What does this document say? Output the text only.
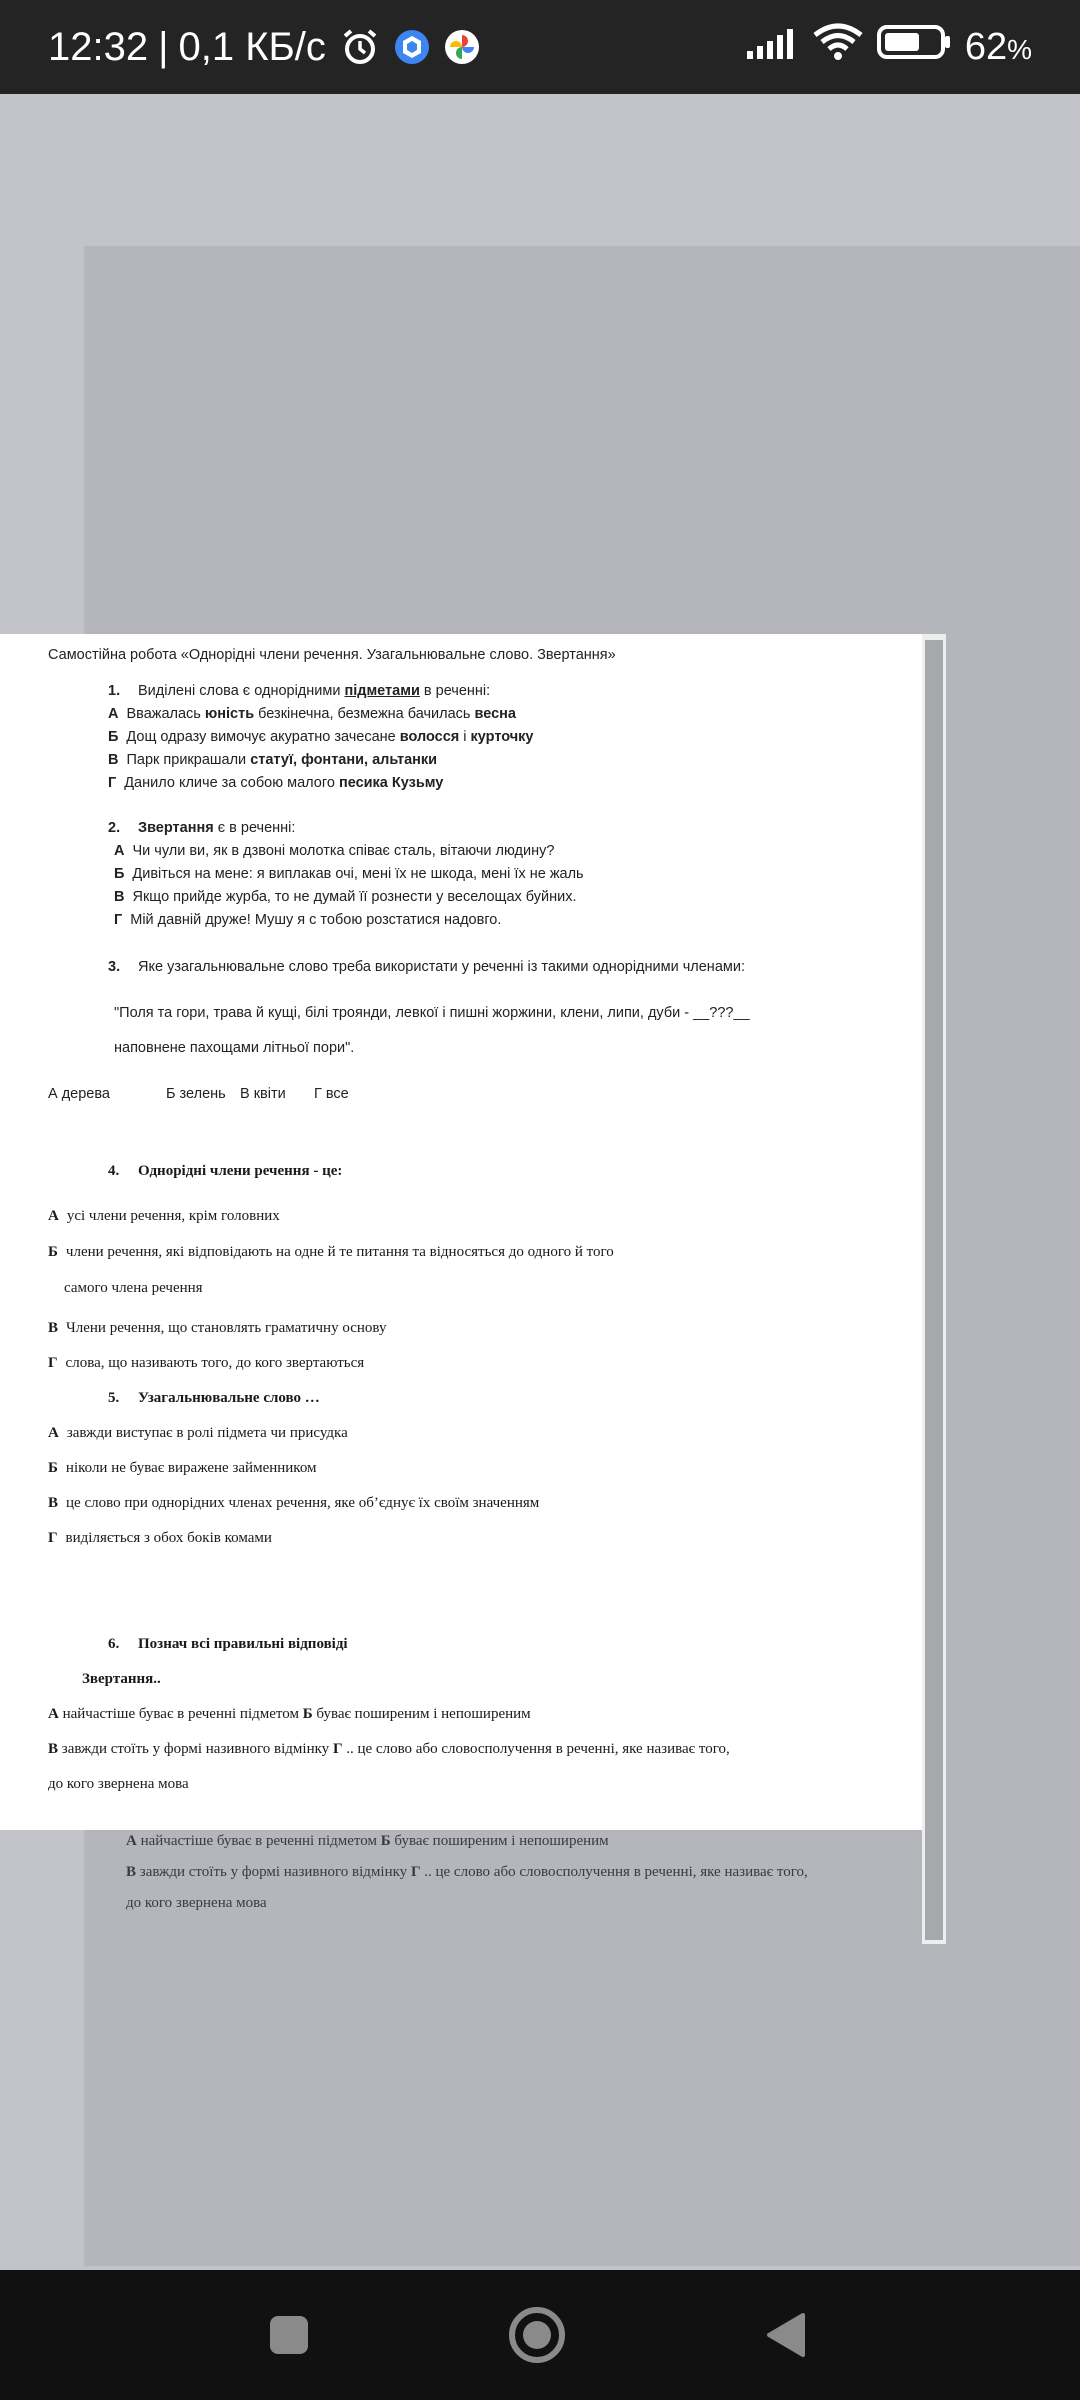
12:32 | 0,1 КБ/с	62%
А найчастіше буває в реченні підметом Б буває поширеним і непоширеним
В завжди стоїть у формі називного відмінку Г .. це слово або словосполучення в реченні, яке називає того,
до кого звернена мова
Самостійна робота «Однорідні члени речення. Узагальнювальне слово. Звертання»
1. Виділені слова є однорідними підметами в реченні:
А Вважалась юність безкінечна, безмежна бачилась весна
Б Дощ одразу вимочує акуратно зачесане волосся і курточку
В Парк прикрашали статуї, фонтани, альтанки
Г Данило кличе за собою малого песика Кузьму
2. Звертання є в реченні:
А Чи чули ви, як в дзвоні молотка співає сталь, вітаючи людину?
Б Дивіться на мене: я виплакав очі, мені їх не шкода, мені їх не жаль
В Якщо прийде журба, то не думай її рознести у веселощах буйних.
Г Мій давній друже! Мушу я с тобою розстатися надовго.
3. Яке узагальнювальне слово треба використати у реченні із такими однорідними членами:
"Поля та гори, трава й кущі, білі троянди, левкої і пишні жоржини, клени, липи, дуби - __???__
наповнене пахощами літньої пори".
А дерева	Б зелень В квіти Г все
4. Однорідні члени речення - це:
А усі члени речення, крім головних
Б члени речення, які відповідають на одне й те питання та відносяться до одного й того
самого члена речення
В Члени речення, що становлять граматичну основу
Г слова, що називають того, до кого звертаються
5. Узагальнювальне слово …
А завжди виступає в ролі підмета чи присудка
Б ніколи не буває виражене займенником
В це слово при однорідних членах речення, яке об’єднує їх своїм значенням
Г виділяється з обох боків комами
6. Познач всі правильні відповіді
Звертання..
А найчастіше буває в реченні підметом Б буває поширеним і непоширеним
В завжди стоїть у формі називного відмінку Г .. це слово або словосполучення в реченні, яке називає того,
до кого звернена мова
